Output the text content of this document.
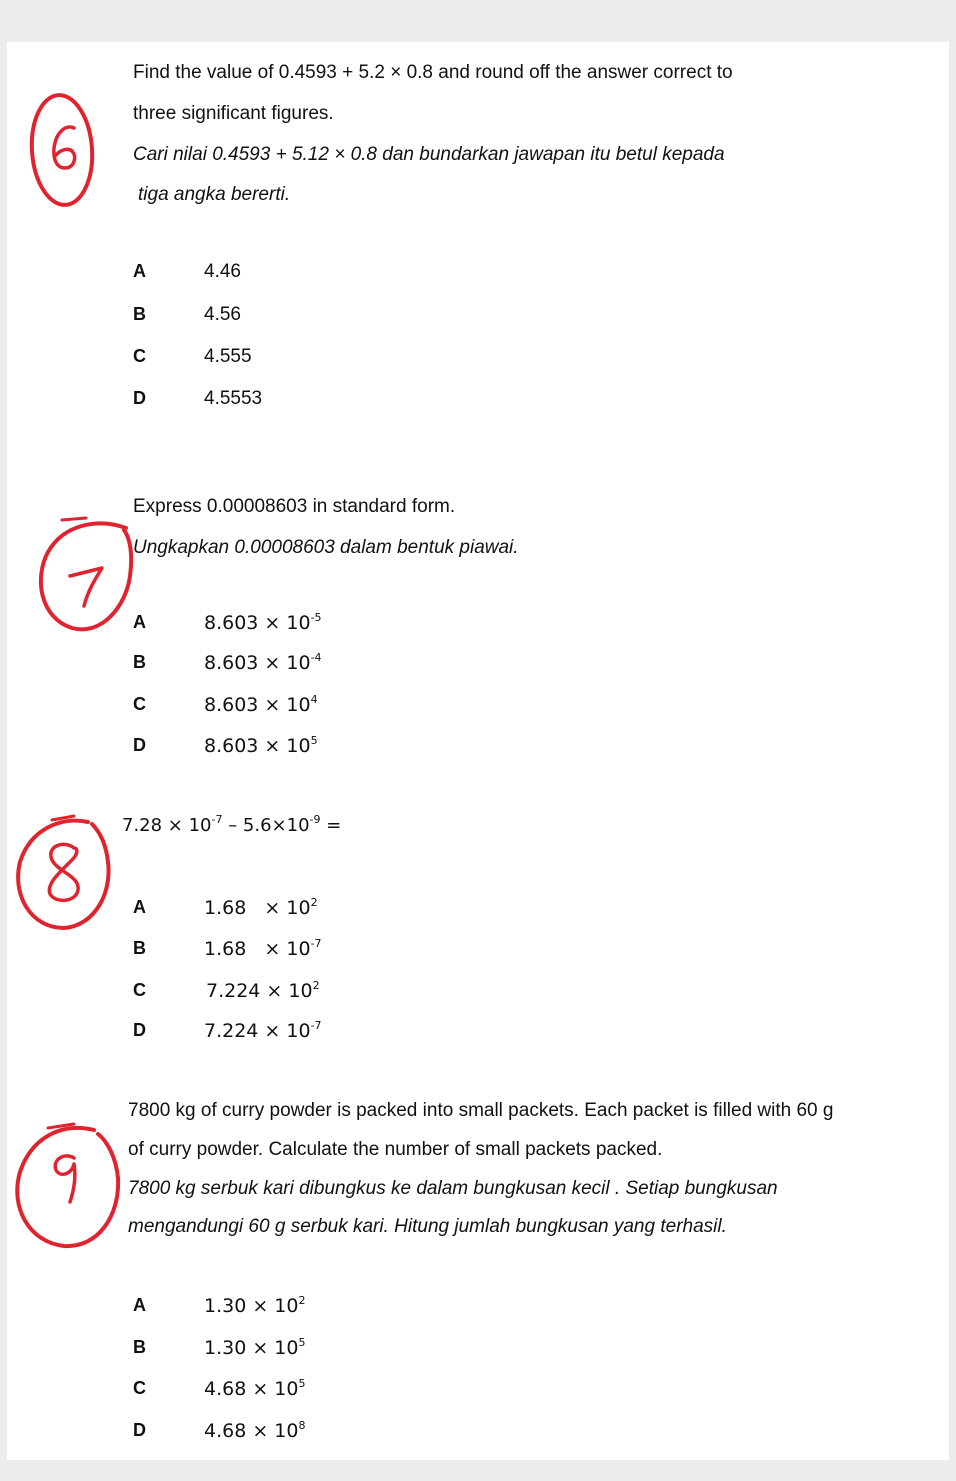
Find the value of 0.4593 + 5.2 × 0.8 and round off the answer correct to
three significant figures.
Cari nilai 0.4593 + 5.12 × 0.8 dan bundarkan jawapan itu betul kepada
tiga angka bererti.
A	4.46
B	4.56
C	4.555
D	4.5553
Express 0.00008603 in standard form.
Ungkapkan 0.00008603 dalam bentuk piawai.
A	$8.603 \times 10^{-5}$
B	$8.603 \times 10^{-4}$
C	$8.603 \times 10^4$
D	$8.603 \times 10^5$
$7.28 \times 10^{-7} - 5.6\times 10^{-9}$ =
A	$1.68 \times 10^2$
B	$1.68 \times 10^{-7}$
C	$7.224 \times 10^2$
D	$7.224 \times 10^{-7}$
7800 kg of curry powder is packed into small packets. Each packet is filled with 60 g
of curry powder. Calculate the number of small packets packed.
7800 kg serbuk kari dibungkus ke dalam bungkusan kecil . Setiap bungkusan
mengandungi 60 g serbuk kari. Hitung jumlah bungkusan yang terhasil.
A	$1.30 \times 10^2$
B	$1.30 \times 10^5$
C	$4.68 \times 10^5$
D	$4.68 \times 10^8$
